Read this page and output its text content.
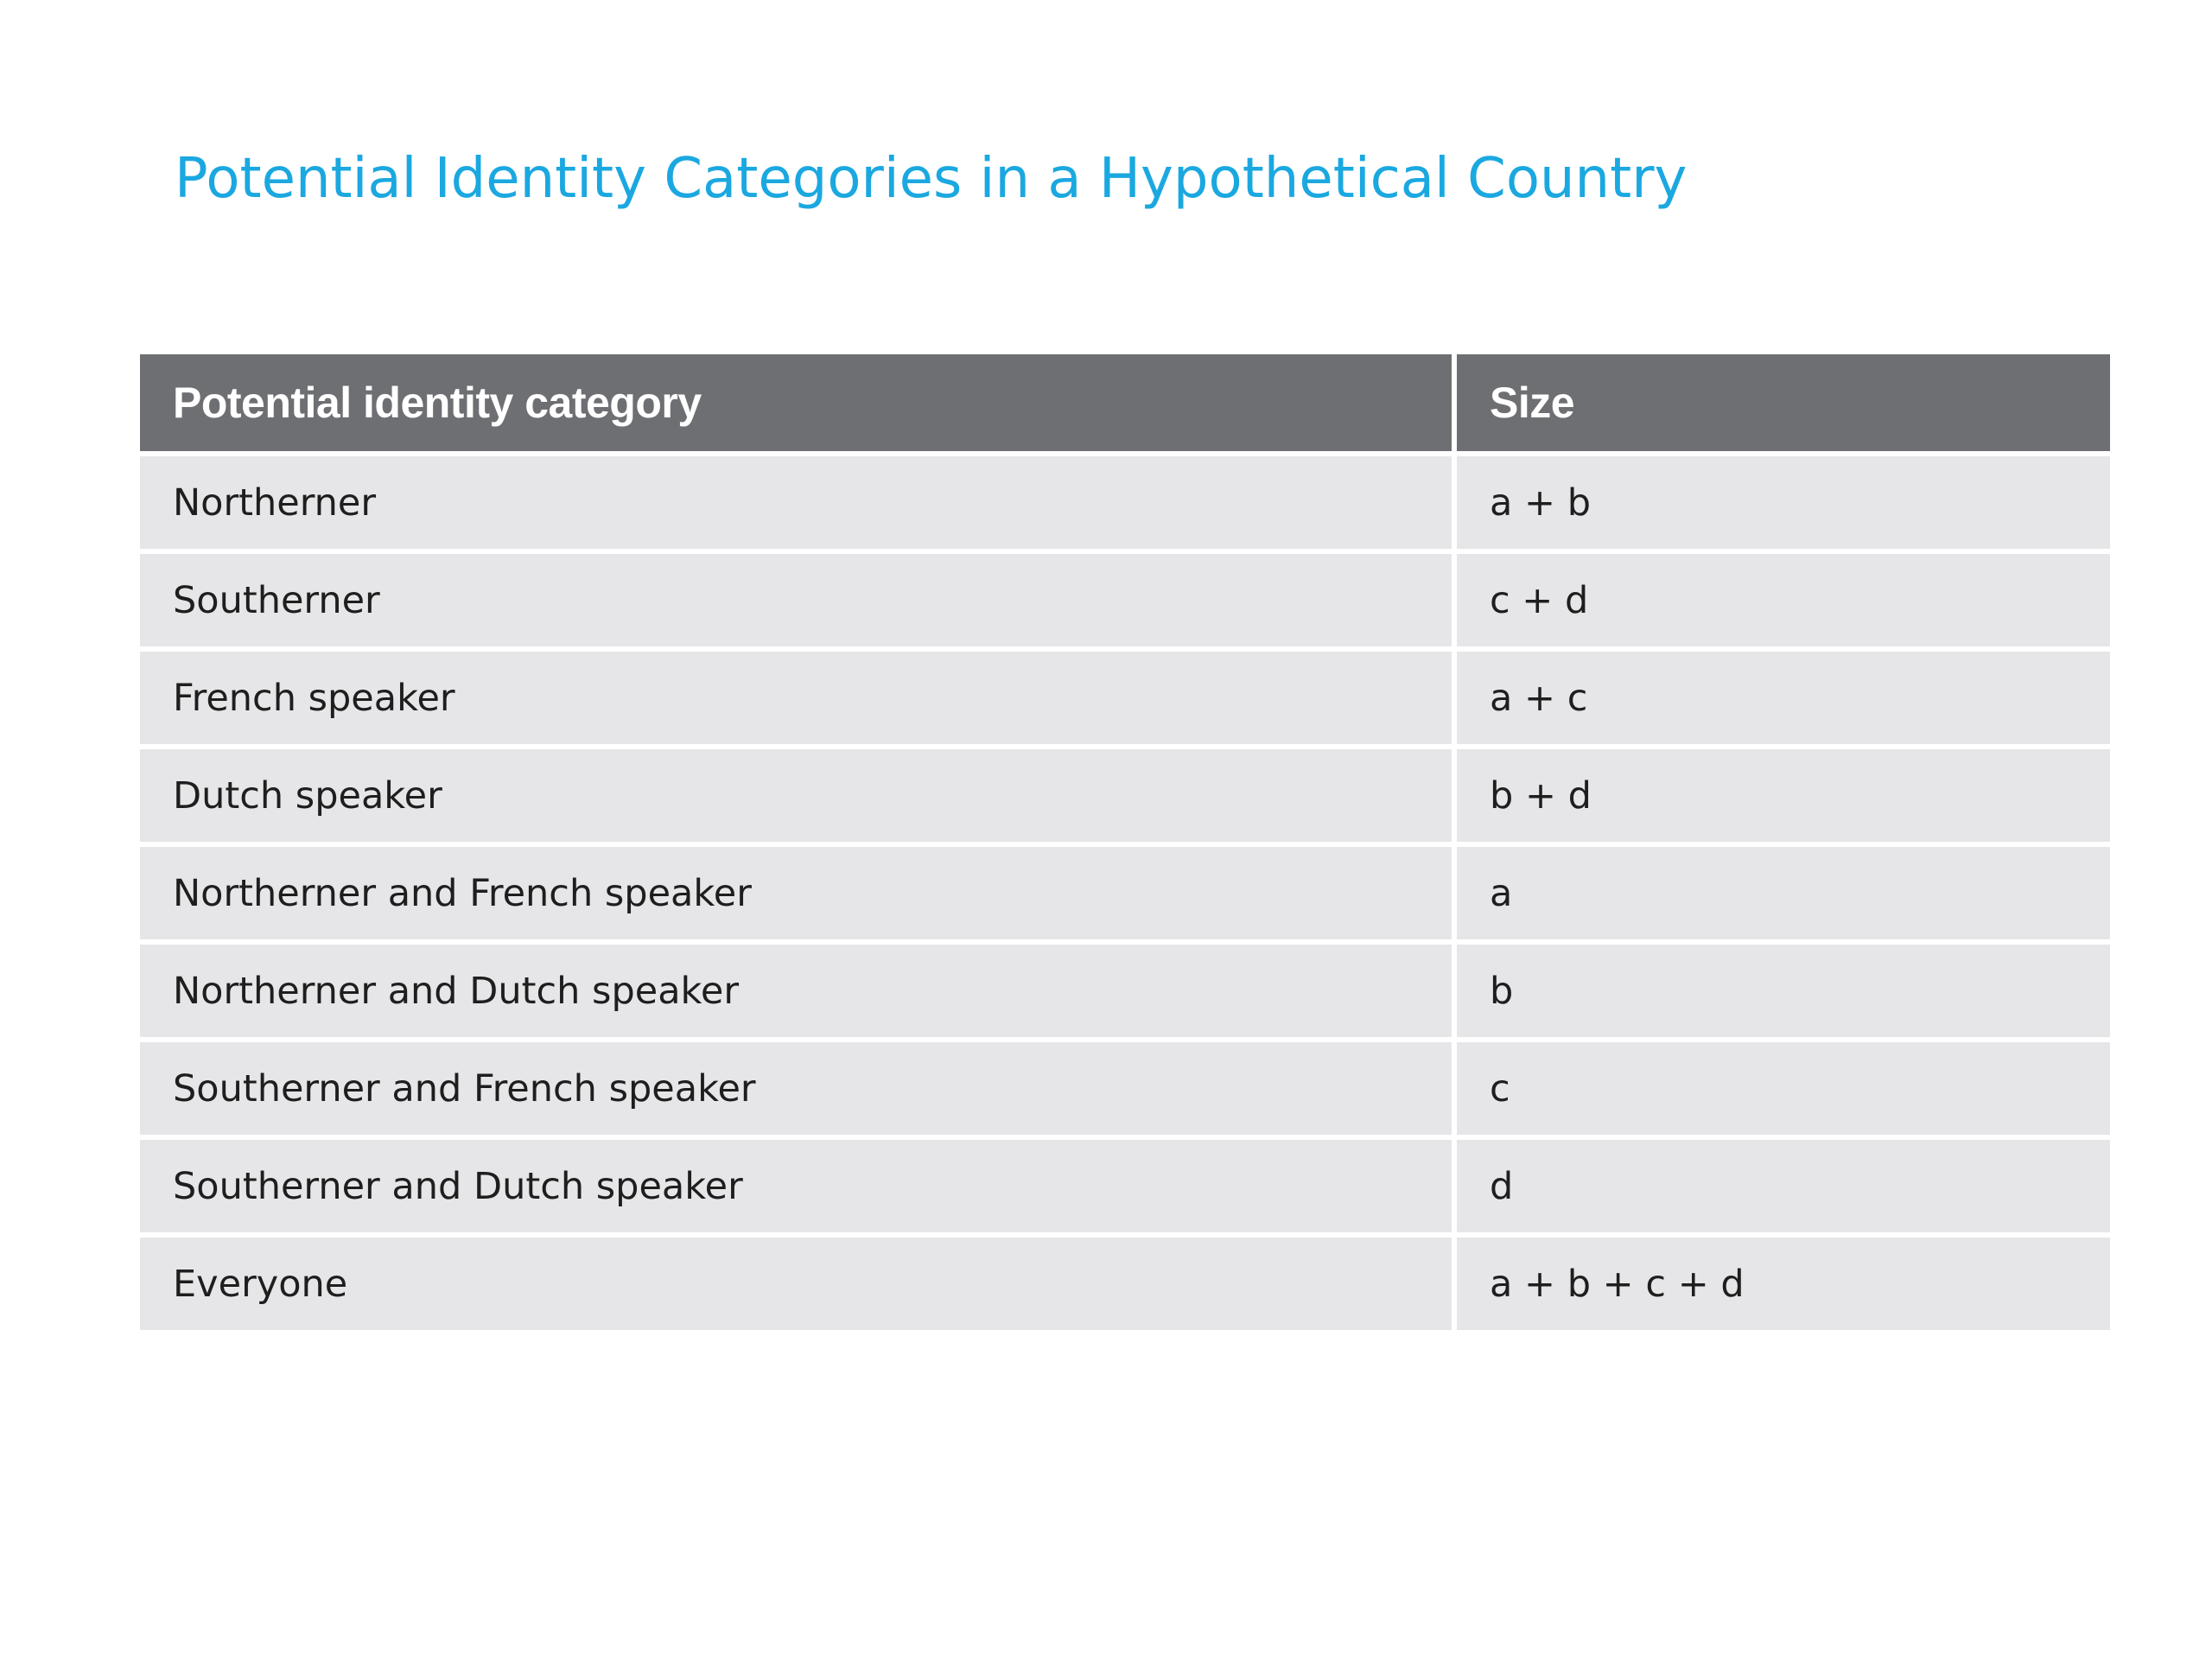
Potential Identity Categories in a Hypothetical Country
Potential identity category	Size
Northerner	a + b
Southerner	c + d
French speaker	a + c
Dutch speaker	b + d
Northerner and French speaker	a
Northerner and Dutch speaker	b
Southerner and French speaker	c
Southerner and Dutch speaker	d
Everyone	a + b + c + d
